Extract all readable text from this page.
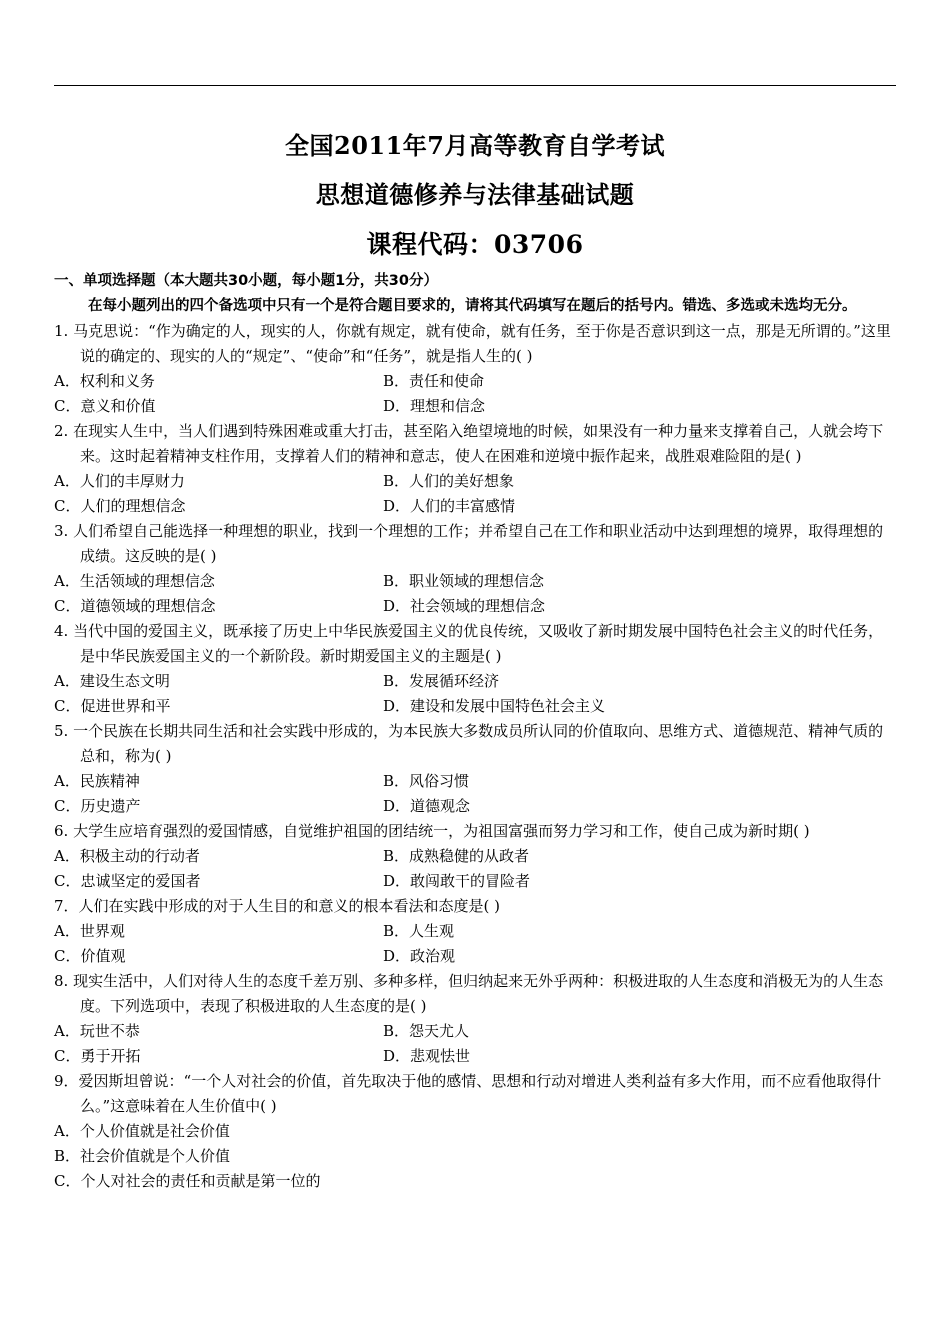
全国2011年7月高等教育自学考试
思想道德修养与法律基础试题
课程代码：03706
一、单项选择题（本大题共30小题，每小题1分，共30分）
在每小题列出的四个备选项中只有一个是符合题目要求的，请将其代码填写在题后的括号内。错选、多选或未选均无分。
1. 马克思说：“作为确定的人，现实的人，你就有规定，就有使命，就有任务，至于你是否意识到这一点，那是无所谓的。”这里说的确定的、现实的人的“规定”、“使命”和“任务”，就是指人生的( )
A．权利和义务	B．责任和使命
C．意义和价值	D．理想和信念
2. 在现实人生中，当人们遇到特殊困难或重大打击，甚至陷入绝望境地的时候，如果没有一种力量来支撑着自己，人就会垮下来。这时起着精神支柱作用，支撑着人们的精神和意志，使人在困难和逆境中振作起来，战胜艰难险阻的是( )
A．人们的丰厚财力	B．人们的美好想象
C．人们的理想信念	D．人们的丰富感情
3. 人们希望自己能选择一种理想的职业，找到一个理想的工作；并希望自己在工作和职业活动中达到理想的境界，取得理想的成绩。这反映的是( )
A．生活领域的理想信念	B．职业领域的理想信念
C．道德领域的理想信念	D．社会领域的理想信念
4. 当代中国的爱国主义，既承接了历史上中华民族爱国主义的优良传统，又吸收了新时期发展中国特色社会主义的时代任务，是中华民族爱国主义的一个新阶段。新时期爱国主义的主题是( )
A．建设生态文明	B．发展循环经济
C．促进世界和平	D．建设和发展中国特色社会主义
5. 一个民族在长期共同生活和社会实践中形成的，为本民族大多数成员所认同的价值取向、思维方式、道德规范、精神气质的总和，称为( )
A．民族精神	B．风俗习惯
C．历史遗产	D．道德观念
6. 大学生应培育强烈的爱国情感，自觉维护祖国的团结统一，为祖国富强而努力学习和工作，使自己成为新时期( )
A．积极主动的行动者	B．成熟稳健的从政者
C．忠诚坚定的爱国者	D．敢闯敢干的冒险者
7．人们在实践中形成的对于人生目的和意义的根本看法和态度是( )
A．世界观	B．人生观
C．价值观	D．政治观
8. 现实生活中，人们对待人生的态度千差万别、多种多样，但归纳起来无外乎两种：积极进取的人生态度和消极无为的人生态度。下列选项中，表现了积极进取的人生态度的是( )
A．玩世不恭	B．怨天尤人
C．勇于开拓	D．悲观怯世
9．爱因斯坦曾说：“一个人对社会的价值，首先取决于他的感情、思想和行动对增进人类利益有多大作用，而不应看他取得什么。”这意味着在人生价值中( )
A．个人价值就是社会价值
B．社会价值就是个人价值
C．个人对社会的责任和贡献是第一位的
